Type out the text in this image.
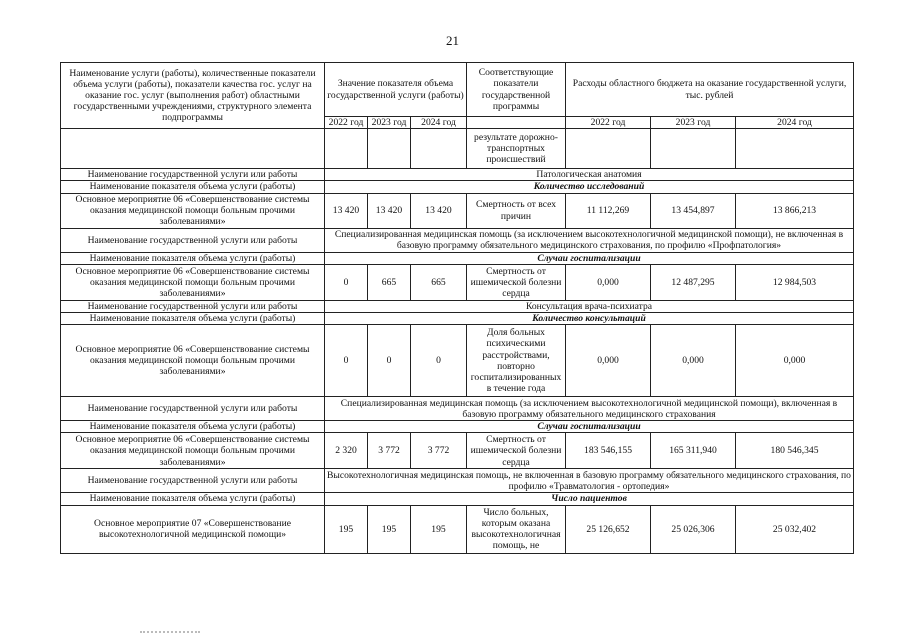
21
Наименование услуги (работы), количественные показатели объема услуги (работы), показатели качества гос. услуг на оказание гос. услуг (выполнения работ) областными государственными учреждениями, структурного элемента подпрограммы	Значение показателя объема государственной услуги (работы)			Соответствующие показатели государственной программы	Расходы областного бюджета на оказание государственной услуги, тыс. рублей		
	2022 год	2023 год	2024 год		2022 год	2023 год	2024 год
				результате дорожно-транспортных происшествий			
Наименование государственной услуги или работы	Патологическая анатомия						
Наименование показателя объема услуги (работы)	Количество исследований						
Основное мероприятие 06 «Совершенствование системы оказания медицинской помощи больным прочими заболеваниями»	13 420	13 420	13 420	Смертность от всех причин	11 112,269	13 454,897	13 866,213
Наименование государственной услуги или работы	Специализированная медицинская помощь (за исключением высокотехнологичной медицинской помощи), не включенная в базовую программу обязательного медицинского страхования, по профилю «Профпатология»						
Наименование показателя объема услуги (работы)	Случаи госпитализации						
Основное мероприятие 06 «Совершенствование системы оказания медицинской помощи больным прочими заболеваниями»	0	665	665	Смертность от ишемической болезни сердца	0,000	12 487,295	12 984,503
Наименование государственной услуги или работы	Консультация врача-психиатра						
Наименование показателя объема услуги (работы)	Количество консультаций						
Основное мероприятие 06 «Совершенствование системы оказания медицинской помощи больным прочими заболеваниями»	0	0	0	Доля больных психическими расстройствами, повторно госпитализированных в течение года	0,000	0,000	0,000
Наименование государственной услуги или работы	Специализированная медицинская помощь (за исключением высокотехнологичной медицинской помощи), включенная в базовую программу обязательного медицинского страхования						
Наименование показателя объема услуги (работы)	Случаи госпитализации						
Основное мероприятие 06 «Совершенствование системы оказания медицинской помощи больным прочими заболеваниями»	2 320	3 772	3 772	Смертность от ишемической болезни сердца	183 546,155	165 311,940	180 546,345
Наименование государственной услуги или работы	Высокотехнологичная медицинская помощь, не включенная в базовую программу обязательного медицинского страхования, по профилю «Травматология - ортопедия»						
Наименование показателя объема услуги (работы)	Число пациентов						
Основное мероприятие 07 «Совершенствование высокотехнологичной медицинской помощи»	195	195	195	Число больных, которым оказана высокотехнологичная помощь, не	25 126,652	25 026,306	25 032,402
